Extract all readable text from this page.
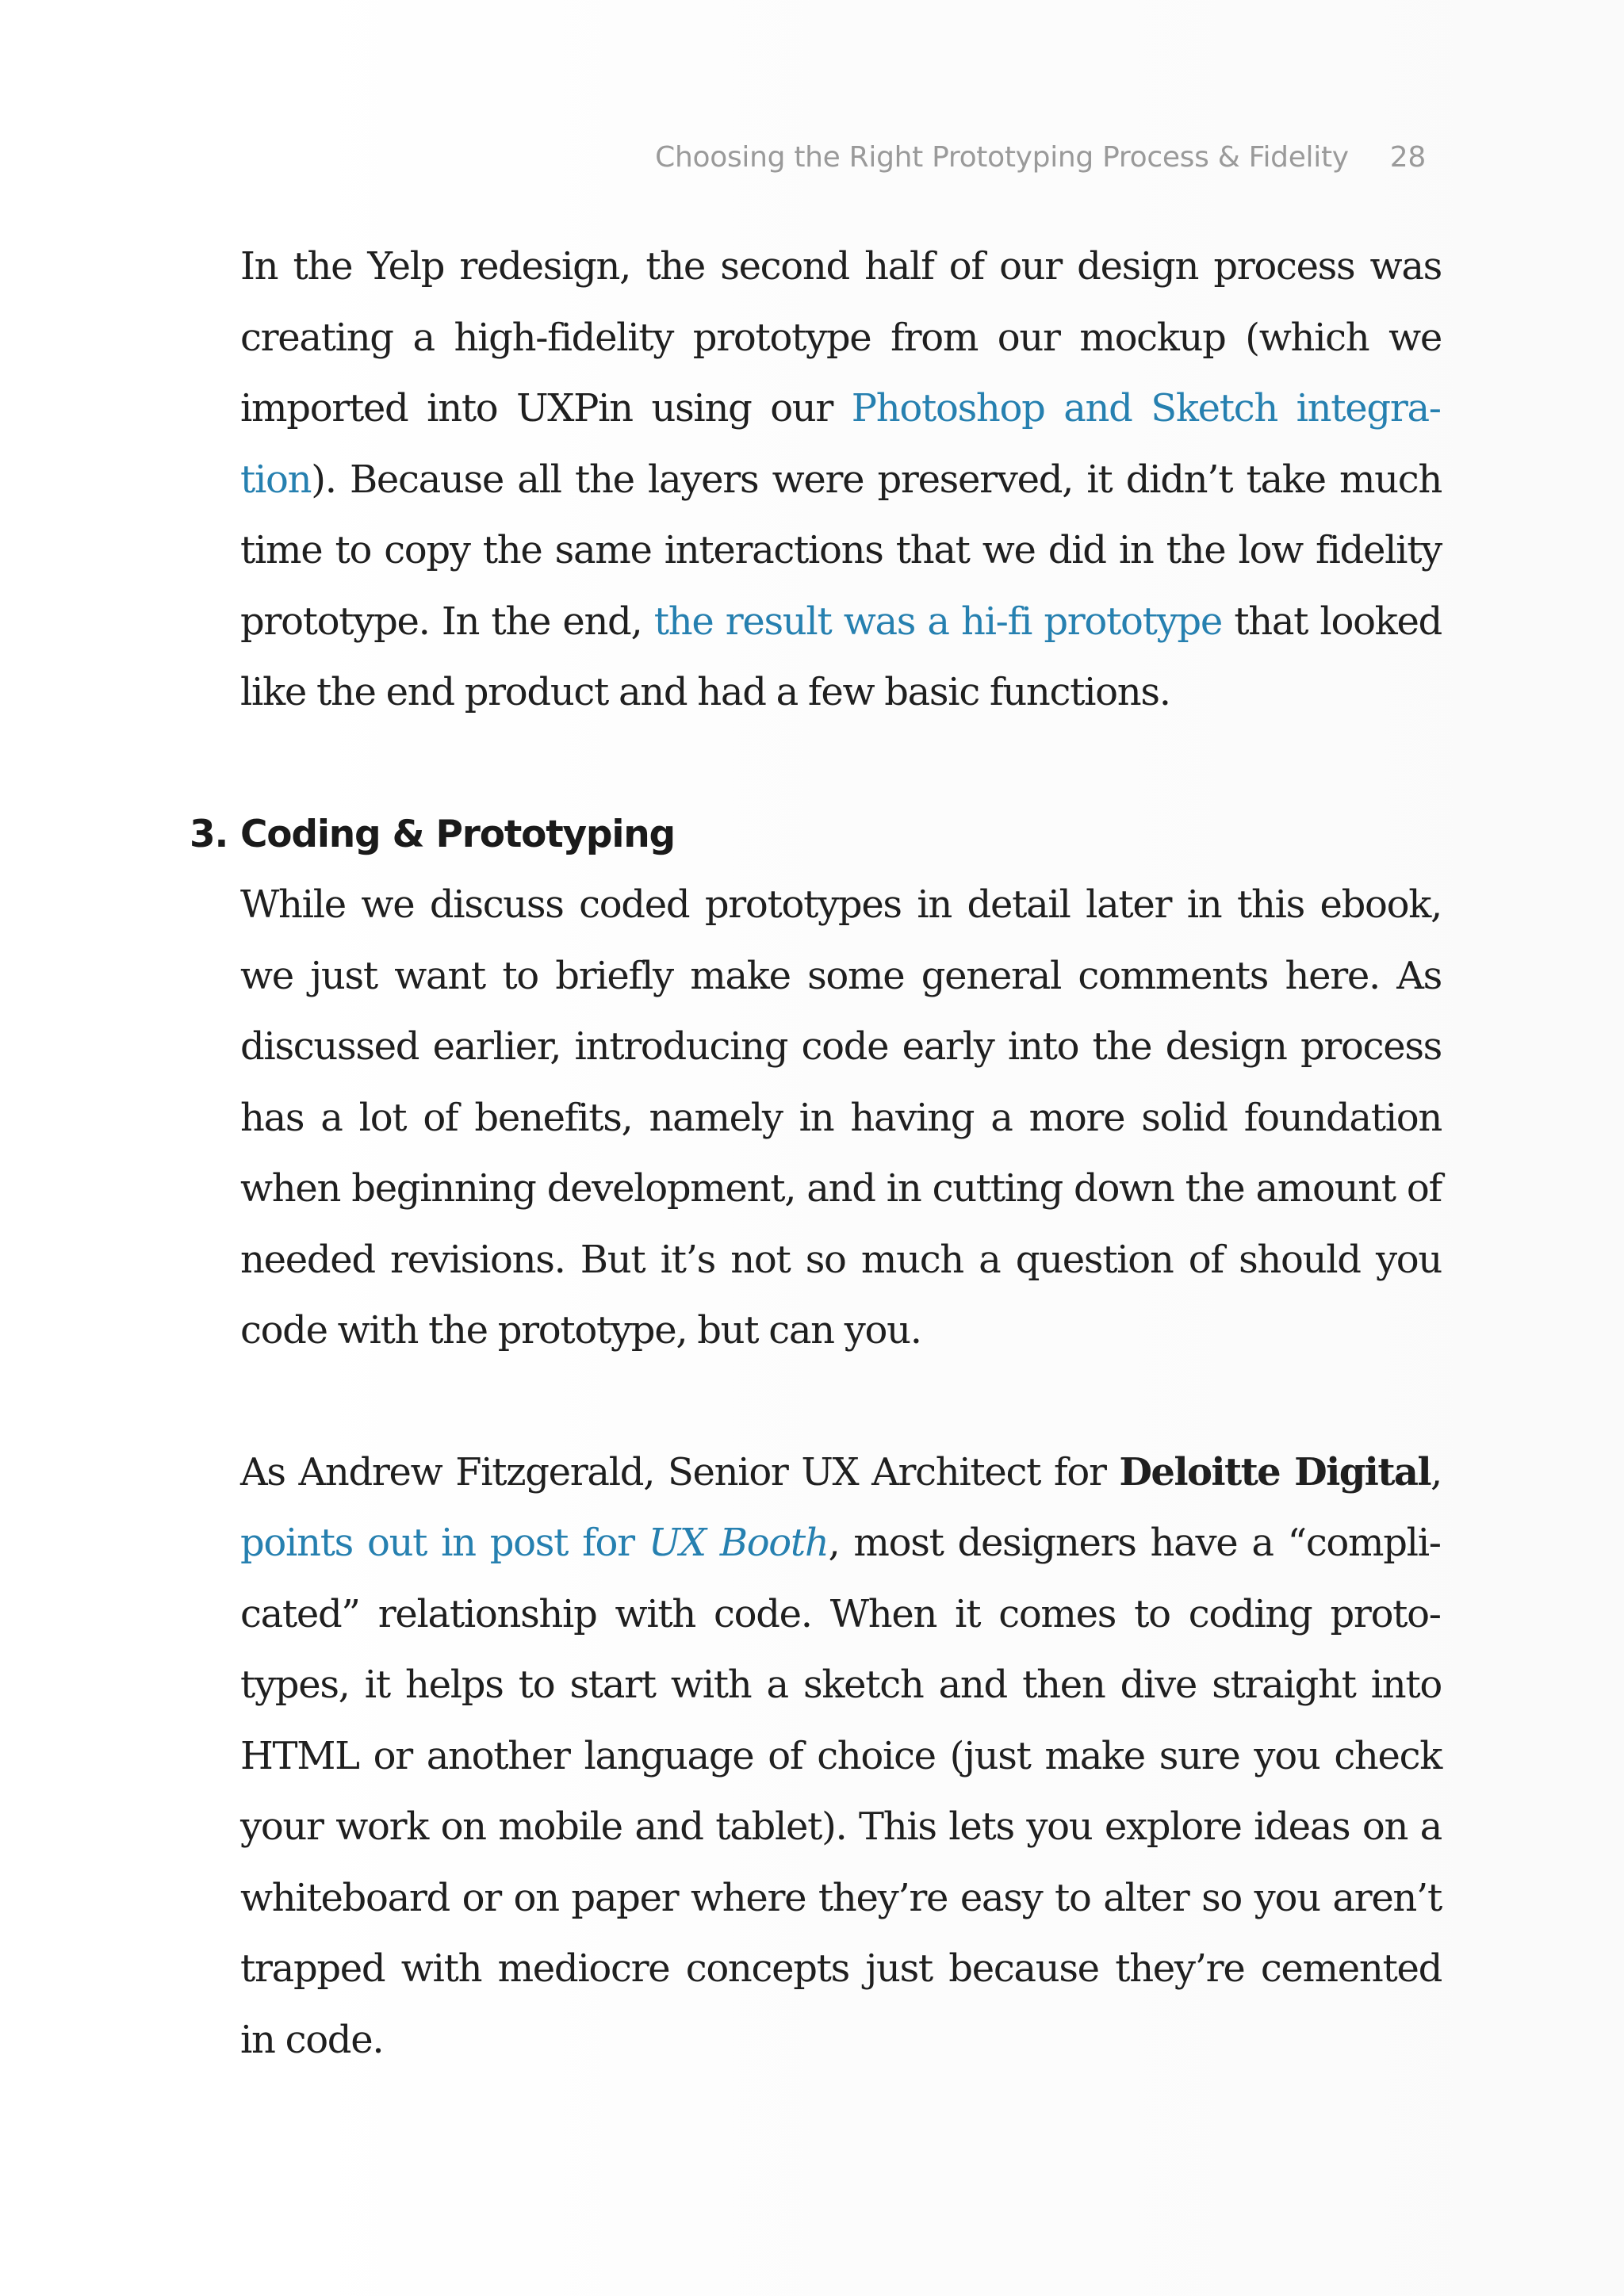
Choosing the Right Prototyping Process & Fidelity 28

In the Yelp redesign, the second half of our design process was creating a high-fidelity prototype from our mockup (which we imported into UXPin using our Photoshop and Sketch integration). Because all the layers were preserved, it didn’t take much time to copy the same interactions that we did in the low fidelity prototype. In the end, the result was a hi-fi prototype that looked like the end product and had a few basic functions.

3. Coding & Prototyping

While we discuss coded prototypes in detail later in this ebook, we just want to briefly make some general comments here. As discussed earlier, introducing code early into the design process has a lot of benefits, namely in having a more solid foundation when beginning development, and in cutting down the amount of needed revisions. But it’s not so much a question of should you code with the prototype, but can you.

As Andrew Fitzgerald, Senior UX Architect for Deloitte Digital, points out in post for UX Booth, most designers have a “complicated” relationship with code. When it comes to coding prototypes, it helps to start with a sketch and then dive straight into HTML or another language of choice (just make sure you check your work on mobile and tablet). This lets you explore ideas on a whiteboard or on paper where they’re easy to alter so you aren’t trapped with mediocre concepts just because they’re cemented in code.
